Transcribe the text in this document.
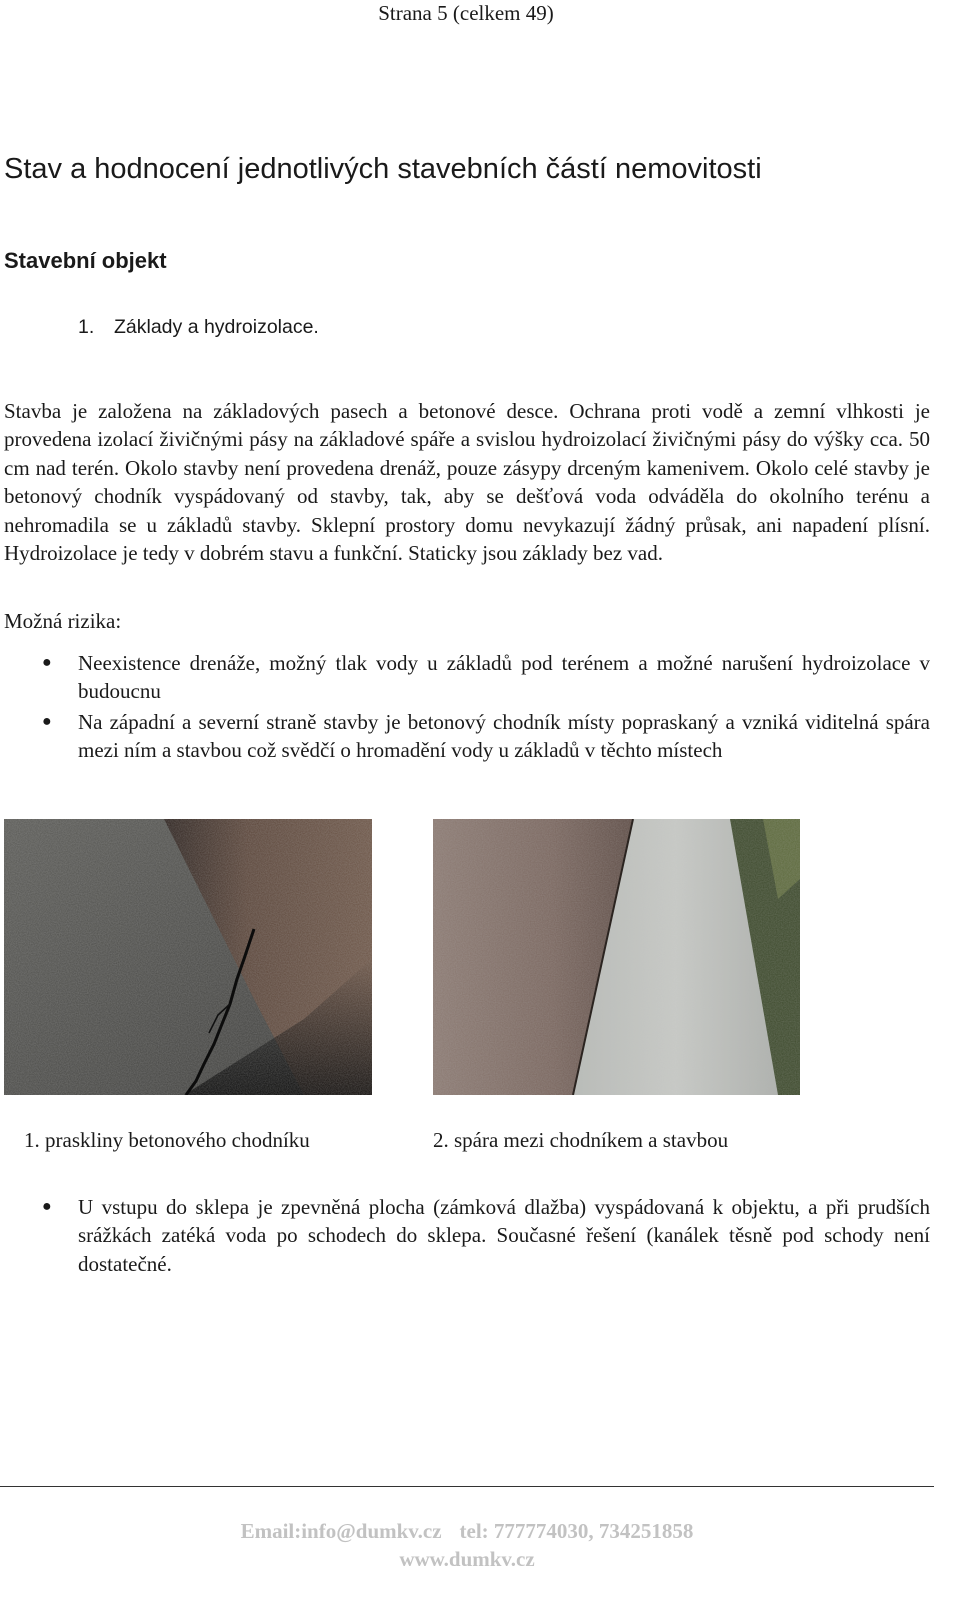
Strana 5 (celkem 49)
Stav a hodnocení jednotlivých stavebních částí nemovitosti
Stavební objekt
1. Základy a hydroizolace.

Stavba je založena na základových pasech a betonové desce. Ochrana proti vodě a zemní vlhkosti je provedena izolací živičnými pásy na základové spáře a svislou hydroizolací živičnými pásy do výšky cca. 50 cm nad terén. Okolo stavby není provedena drenáž, pouze zásypy drceným kamenivem. Okolo celé stavby je betonový chodník vyspádovaný od stavby, tak, aby se dešťová voda odváděla do okolního terénu a nehromadila se u základů stavby. Sklepní prostory domu nevykazují žádný průsak, ani napadení plísní. Hydroizolace je tedy v dobrém stavu a funkční. Staticky jsou základy bez vad.

Možná rizika:
● Neexistence drenáže, možný tlak vody u základů pod terénem a možné narušení hydroizolace v budoucnu
● Na západní a severní straně stavby je betonový chodník místy popraskaný a vzniká viditelná spára mezi ním a stavbou což svědčí o hromadění vody u základů v těchto místech
1. praskliny betonového chodníku	2. spára mezi chodníkem a stavbou
● U vstupu do sklepa je zpevněná plocha (zámková dlažba) vyspádovaná k objektu, a při prudších srážkách zatéká voda po schodech do sklepa. Současné řešení (kanálek těsně pod schody není dostatečné.
Email:info@dumkv.cz tel: 777774030, 734251858
www.dumkv.cz
